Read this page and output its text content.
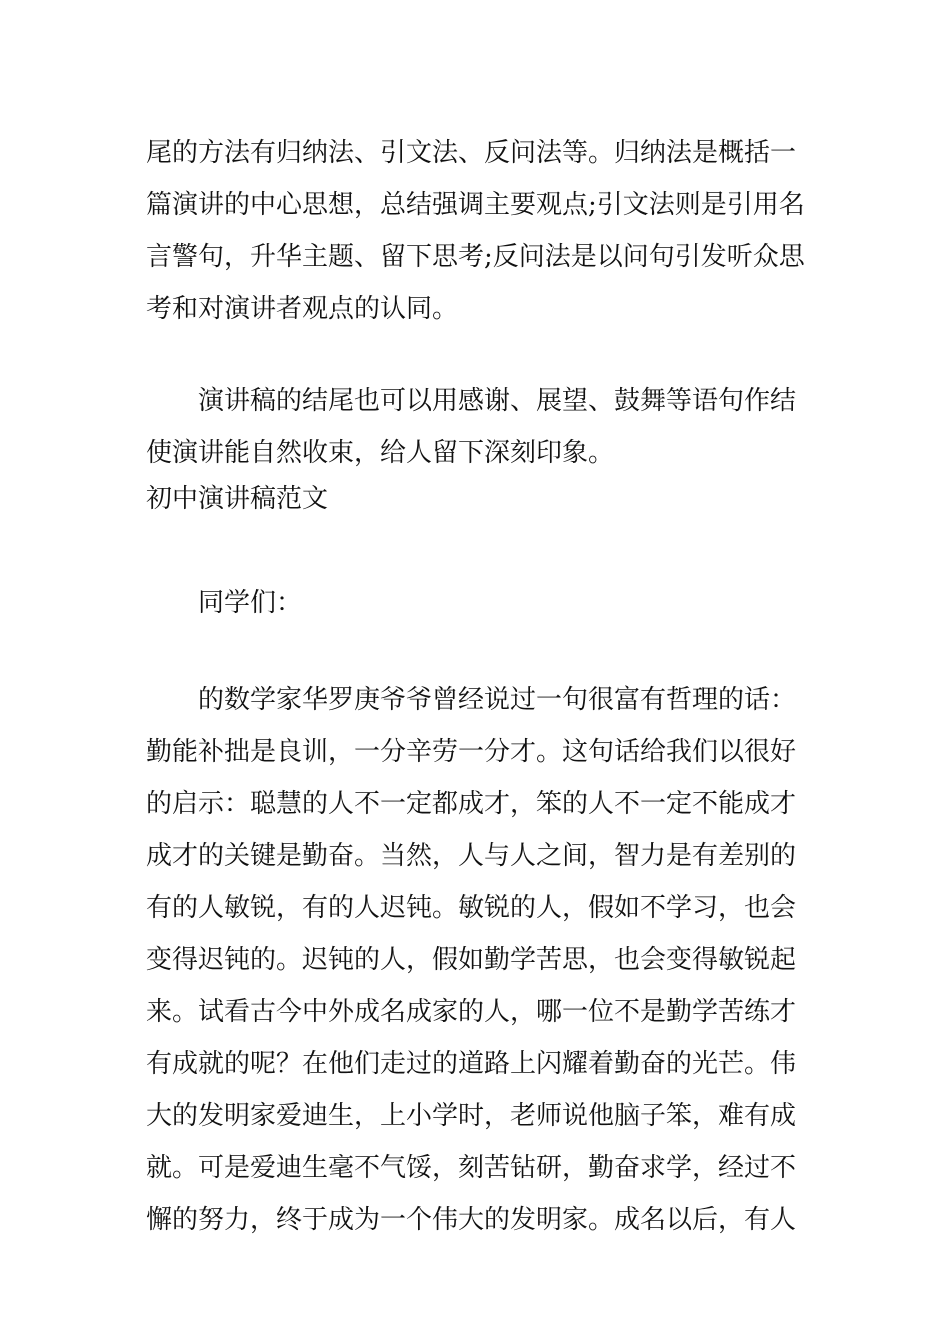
尾的方法有归纳法、引文法、反问法等。归纳法是概括一
篇演讲的中心思想，总结强调主要观点;引文法则是引用名
言警句，升华主题、留下思考;反问法是以问句引发听众思
考和对演讲者观点的认同。
演讲稿的结尾也可以用感谢、展望、鼓舞等语句作结
使演讲能自然收束，给人留下深刻印象。
初中演讲稿范文
同学们：
的数学家华罗庚爷爷曾经说过一句很富有哲理的话：
勤能补拙是良训，一分辛劳一分才。这句话给我们以很好
的启示：聪慧的人不一定都成才，笨的人不一定不能成才
成才的关键是勤奋。当然，人与人之间，智力是有差别的
有的人敏锐，有的人迟钝。敏锐的人，假如不学习，也会
变得迟钝的。迟钝的人，假如勤学苦思，也会变得敏锐起
来。试看古今中外成名成家的人，哪一位不是勤学苦练才
有成就的呢？在他们走过的道路上闪耀着勤奋的光芒。伟
大的发明家爱迪生，上小学时，老师说他脑子笨，难有成
就。可是爱迪生毫不气馁，刻苦钻研，勤奋求学，经过不
懈的努力，终于成为一个伟大的发明家。成名以后，有人
